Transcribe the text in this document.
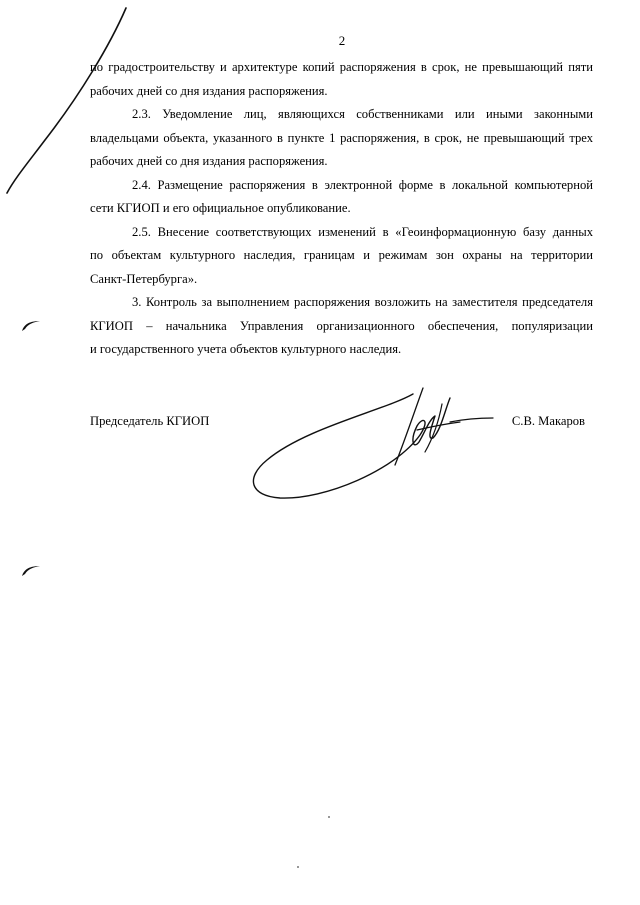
2

по градостроительству и архитектуре копий распоряжения в срок, не превышающий пяти
рабочих дней со дня издания распоряжения.

2.3. Уведомление лиц, являющихся собственниками или иными законными
владельцами объекта, указанного в пункте 1 распоряжения, в срок, не превышающий трех
рабочих дней со дня издания распоряжения.

2.4. Размещение распоряжения в электронной форме в локальной компьютерной
сети КГИОП и его официальное опубликование.

2.5. Внесение соответствующих изменений в «Геоинформационную базу данных
по объектам культурного наследия, границам и режимам зон охраны на территории
Санкт-Петербурга».

3. Контроль за выполнением распоряжения возложить на заместителя председателя
КГИОП – начальника Управления организационного обеспечения, популяризации
и государственного учета объектов культурного наследия.

Председатель КГИОП	С.В. Макаров
